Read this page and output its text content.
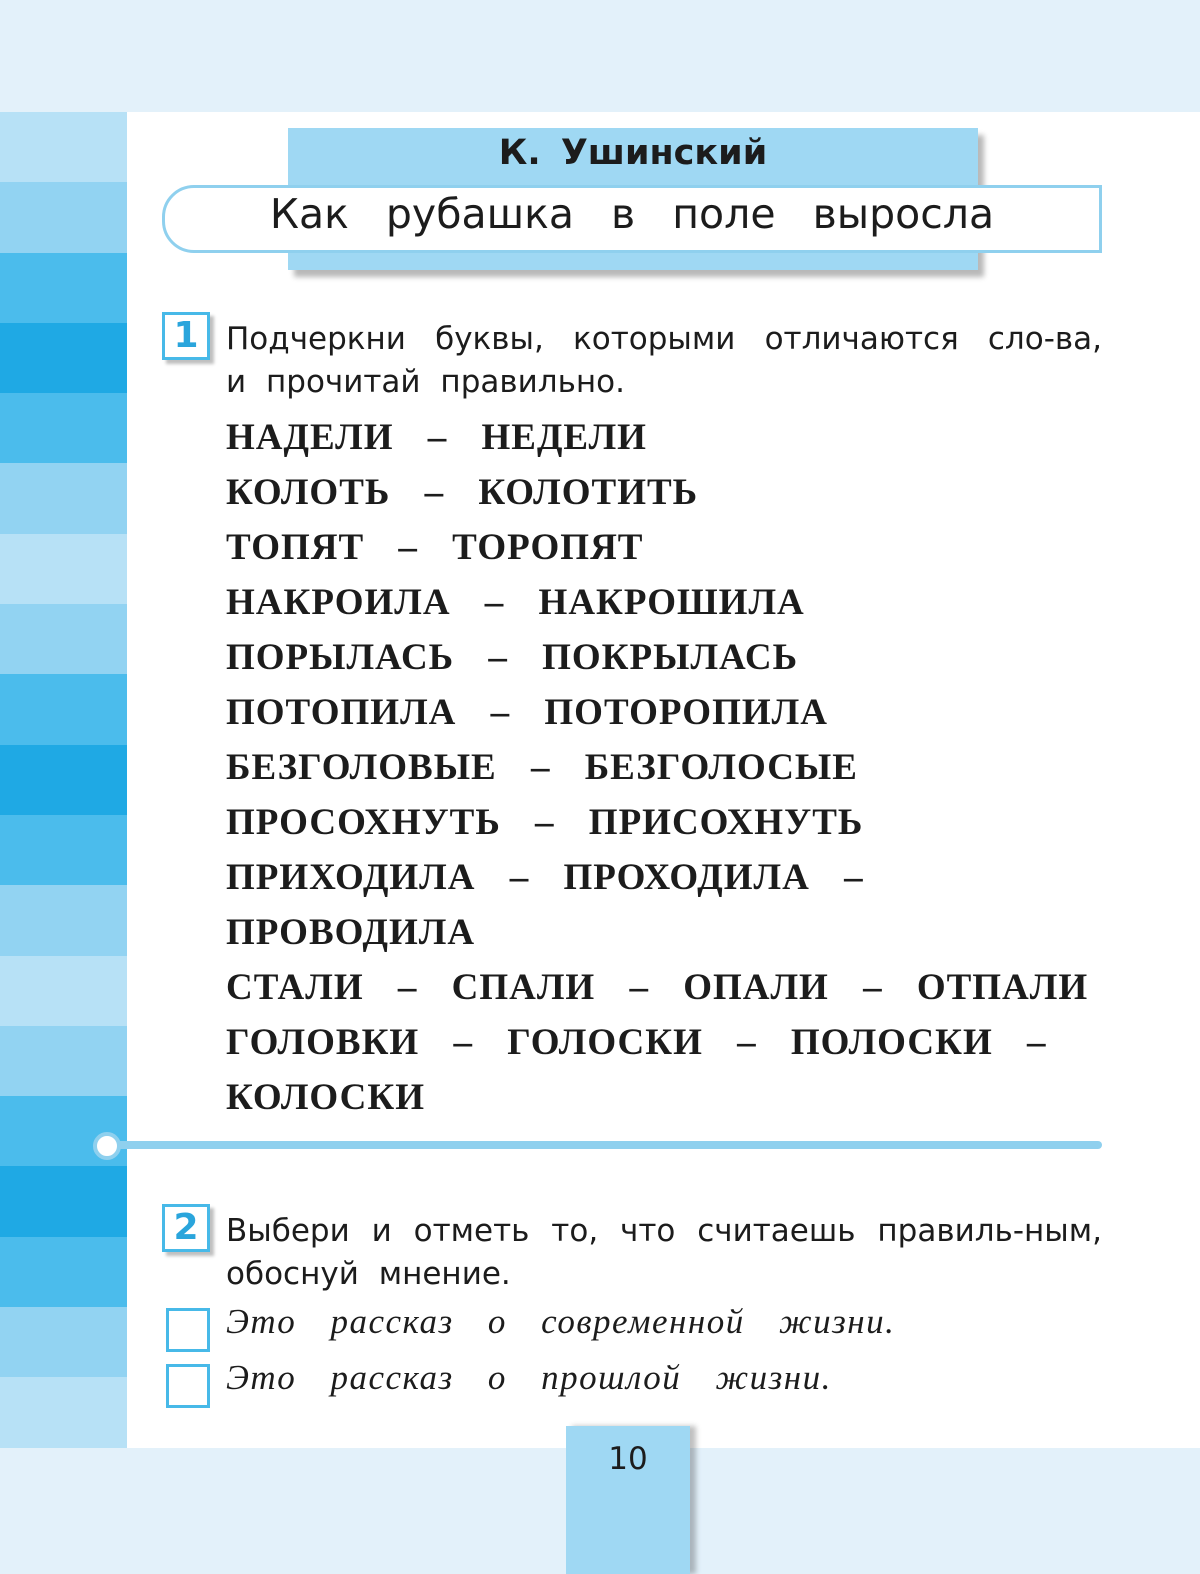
К. Ушинский
Как рубашка в поле выросла
1 Подчеркни буквы, которыми отличаются сло-ва, и прочитай правильно.
НАДЕЛИ – НЕДЕЛИ
КОЛОТЬ – КОЛОТИТЬ
ТОПЯТ – ТОРОПЯТ
НАКРОИЛА – НАКРОШИЛА
ПОРЫЛАСЬ – ПОКРЫЛАСЬ
ПОТОПИЛА – ПОТОРОПИЛА
БЕЗГОЛОВЫЕ – БЕЗГОЛОСЫЕ
ПРОСОХНУТЬ – ПРИСОХНУТЬ
ПРИХОДИЛА – ПРОХОДИЛА –
ПРОВОДИЛА
СТАЛИ – СПАЛИ – ОПАЛИ – ОТПАЛИ
ГОЛОВКИ – ГОЛОСКИ – ПОЛОСКИ –
КОЛОСКИ
2 Выбери и отметь то, что считаешь правиль-ным, обоснуй мнение.
Это рассказ о современной жизни.
Это рассказ о прошлой жизни.
10
